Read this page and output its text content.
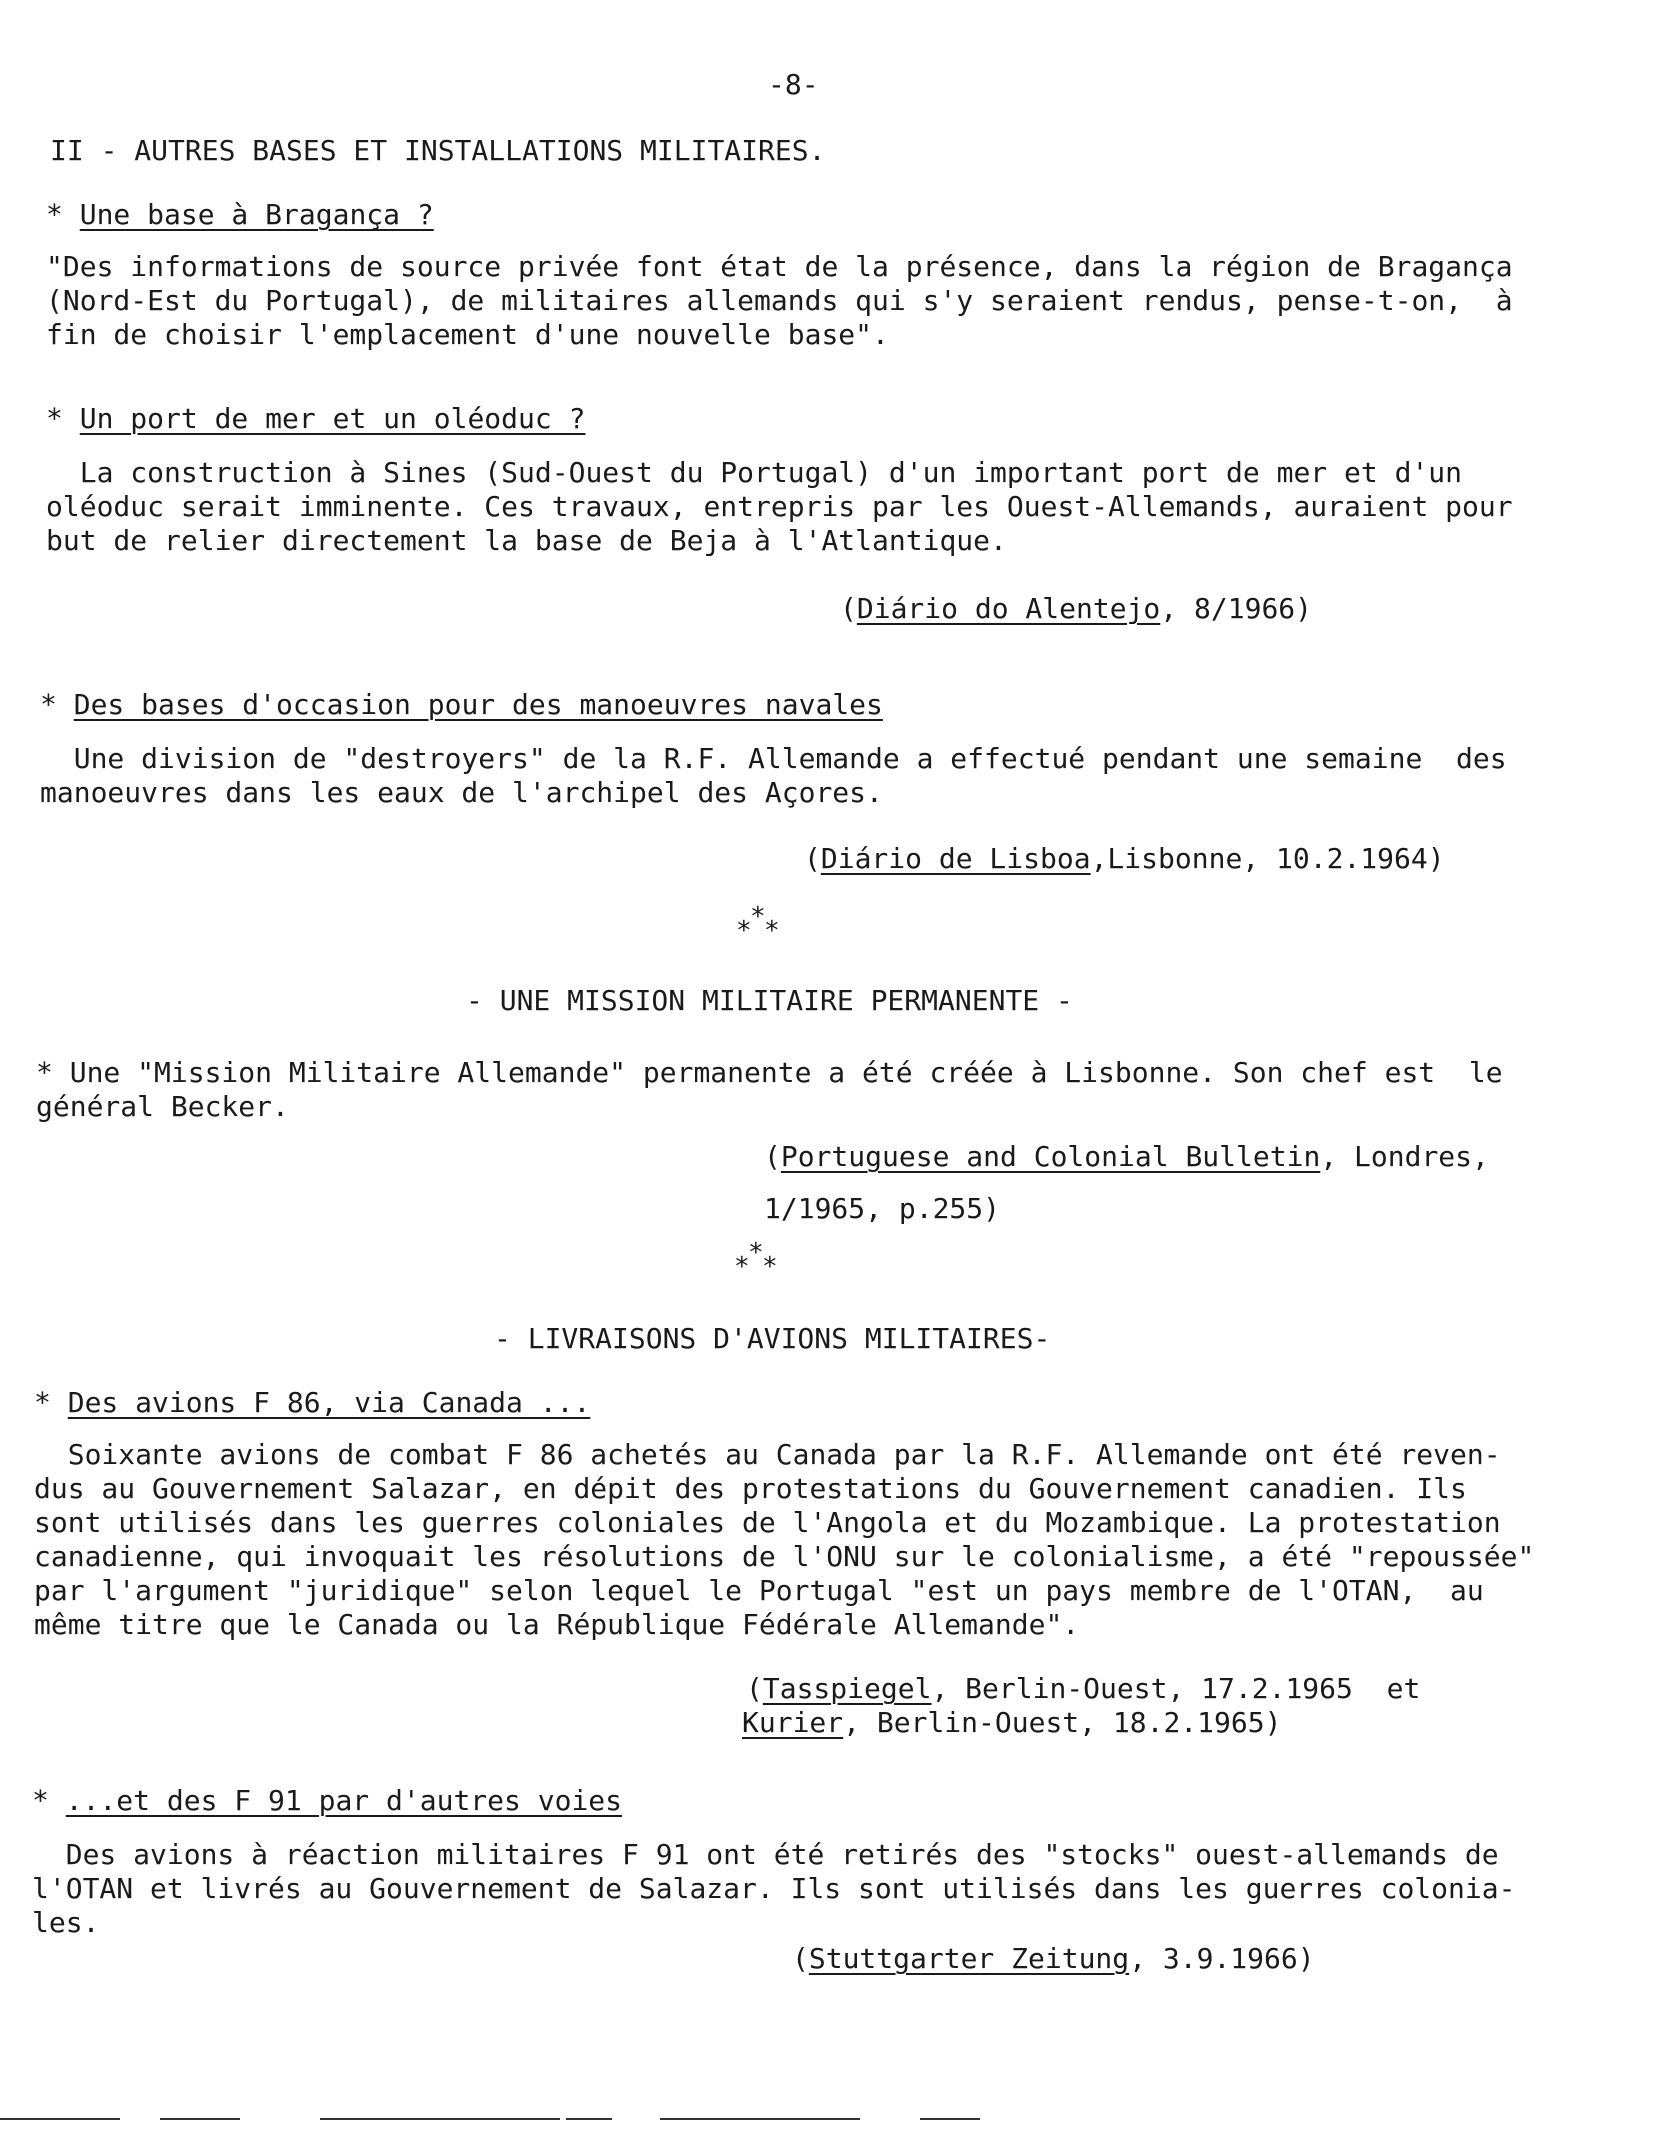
-8-

II - AUTRES BASES ET INSTALLATIONS MILITAIRES.

* Une base à Bragança ?

"Des informations de source privée font état de la présence, dans la région de Bragança
(Nord-Est du Portugal), de militaires allemands qui s'y seraient rendus, pense-t-on,  à
fin de choisir l'emplacement d'une nouvelle base".

* Un port de mer et un oléoduc ?

La construction à Sines (Sud-Ouest du Portugal) d'un important port de mer et d'un
oléoduc serait imminente. Ces travaux, entrepris par les Ouest-Allemands, auraient pour
but de relier directement la base de Beja à l'Atlantique.

(Diário do Alentejo, 8/1966)

* Des bases d'occasion pour des manoeuvres navales

Une division de "destroyers" de la R.F. Allemande a effectué pendant une semaine  des
manoeuvres dans les eaux de l'archipel des Açores.

(Diário de Lisboa,Lisbonne, 10.2.1964)

*
* *

- UNE MISSION MILITAIRE PERMANENTE -

* Une "Mission Militaire Allemande" permanente a été créée à Lisbonne. Son chef est  le
général Becker.

(Portuguese and Colonial Bulletin, Londres,

1/1965, p.255)

*
* *

- LIVRAISONS D'AVIONS MILITAIRES-

* Des avions F 86, via Canada ...

Soixante avions de combat F 86 achetés au Canada par la R.F. Allemande ont été reven-
dus au Gouvernement Salazar, en dépit des protestations du Gouvernement canadien. Ils
sont utilisés dans les guerres coloniales de l'Angola et du Mozambique. La protestation
canadienne, qui invoquait les résolutions de l'ONU sur le colonialisme, a été "repoussée"
par l'argument "juridique" selon lequel le Portugal "est un pays membre de l'OTAN,  au
même titre que le Canada ou la République Fédérale Allemande".

(Tasspiegel, Berlin-Ouest, 17.2.1965  et

Kurier, Berlin-Ouest, 18.2.1965)

* ...et des F 91 par d'autres voies

Des avions à réaction militaires F 91 ont été retirés des "stocks" ouest-allemands de
l'OTAN et livrés au Gouvernement de Salazar. Ils sont utilisés dans les guerres colonia-
les.

(Stuttgarter Zeitung, 3.9.1966)
